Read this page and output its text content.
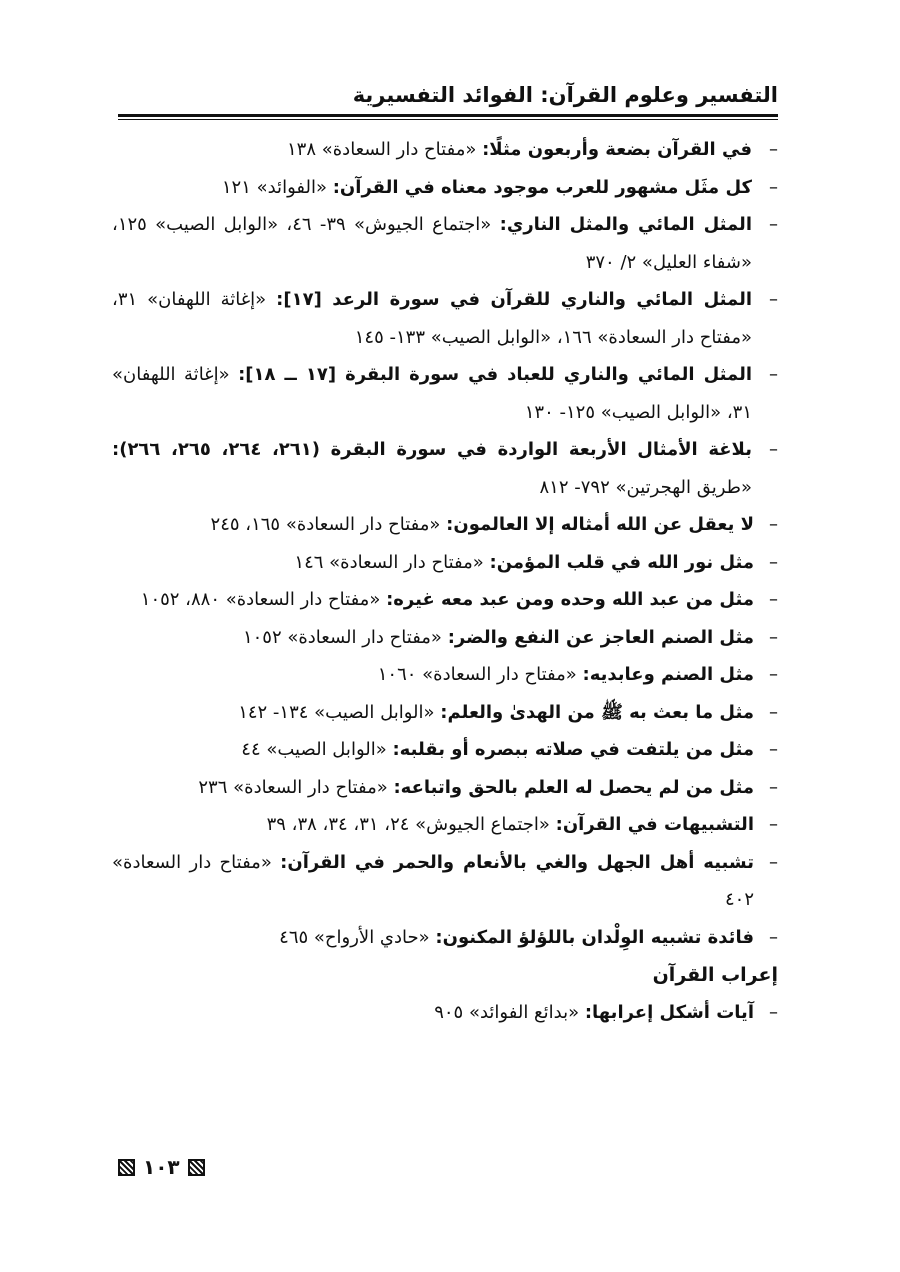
التفسير وعلوم القرآن: الفوائد التفسيرية
–
في القرآن بضعة وأربعون مثلًا: «مفتاح دار السعادة» ١٣٨
–
كل مثَل مشهور للعرب موجود معناه في القرآن: «الفوائد» ١٢١
–
المثل المائي والمثل الناري: «اجتماع الجيوش» ٣٩- ٤٦، «الوابل الصيب» ١٢٥، «شفاء العليل» ٢/ ٣٧٠
–
المثل المائي والناري للقرآن في سورة الرعد [١٧]: «إغاثة اللهفان» ٣١، «مفتاح دار السعادة» ١٦٦، «الوابل الصيب» ١٣٣- ١٤٥
–
المثل المائي والناري للعباد في سورة البقرة [١٧ ــ ١٨]: «إغاثة اللهفان» ٣١، «الوابل الصيب» ١٢٥- ١٣٠
–
بلاغة الأمثال الأربعة الواردة في سورة البقرة (٢٦١، ٢٦٤، ٢٦٥، ٢٦٦): «طريق الهجرتين» ٧٩٢- ٨١٢
–
لا يعقل عن الله أمثاله إلا العالمون: «مفتاح دار السعادة» ١٦٥، ٢٤٥
–
مثل نور الله في قلب المؤمن: «مفتاح دار السعادة» ١٤٦
–
مثل من عبد الله وحده ومن عبد معه غيره: «مفتاح دار السعادة» ٨٨٠، ١٠٥٢
–
مثل الصنم العاجز عن النفع والضر: «مفتاح دار السعادة» ١٠٥٢
–
مثل الصنم وعابديه: «مفتاح دار السعادة» ١٠٦٠
–
مثل ما بعث به ﷺ من الهدىٰ والعلم: «الوابل الصيب» ١٣٤- ١٤٢
–
مثل من يلتفت في صلاته ببصره أو بقلبه: «الوابل الصيب» ٤٤
–
مثل من لم يحصل له العلم بالحق واتباعه: «مفتاح دار السعادة» ٢٣٦
–
التشبيهات في القرآن: «اجتماع الجيوش» ٢٤، ٣١، ٣٤، ٣٨، ٣٩
–
تشبيه أهل الجهل والغي بالأنعام والحمر في القرآن: «مفتاح دار السعادة» ٤٠٢
–
فائدة تشبيه الوِلْدان باللؤلؤ المكنون: «حادي الأرواح» ٤٦٥
إعراب القرآن
–
آيات أشكل إعرابها: «بدائع الفوائد» ٩٠٥
١٠٣
